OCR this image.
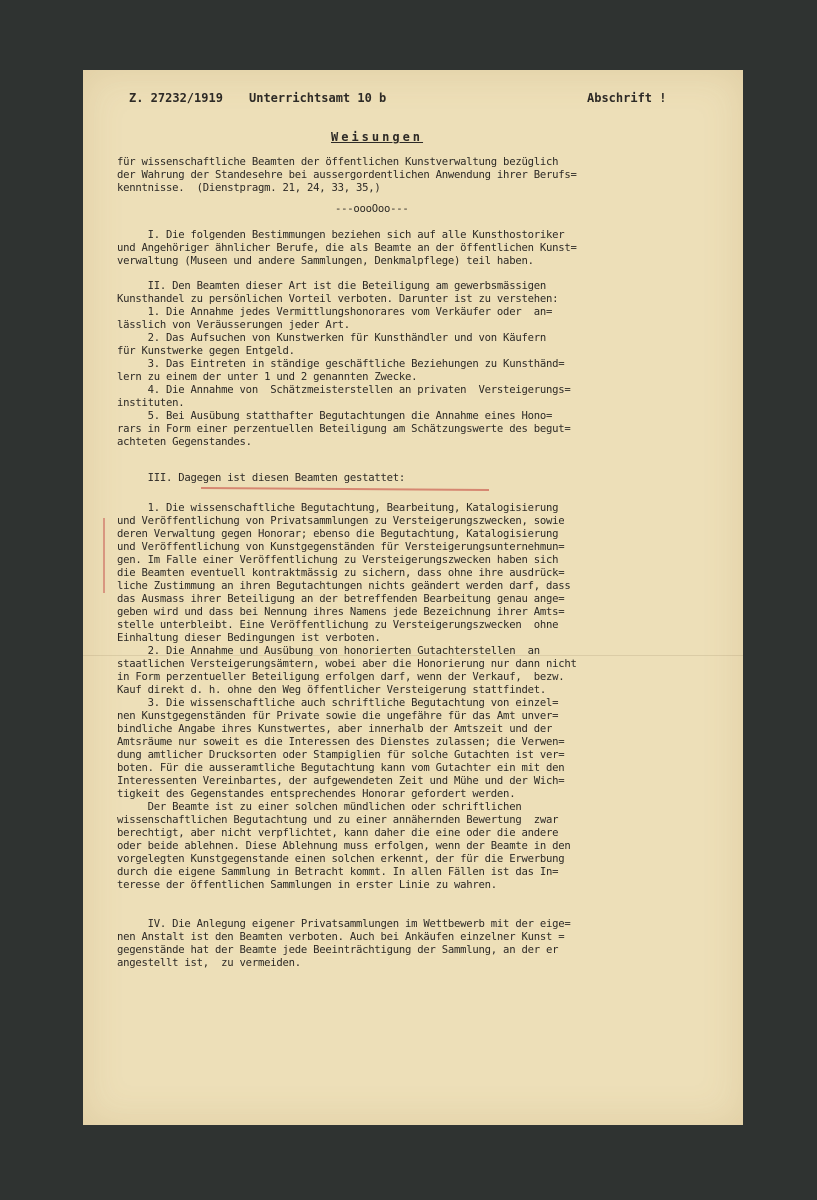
Z. 27232/1919 Unterrichtsamt 10 b	Abschrift !
Weisungen
für wissenschaftliche Beamten der öffentlichen Kunstverwaltung bezüglich
der Wahrung der Standesehre bei aussergordentlichen Anwendung ihrer Berufs=
kenntnisse.  (Dienstpragm. 21, 24, 33, 35,)
---oooOoo---
I. Die folgenden Bestimmungen beziehen sich auf alle Kunsthostoriker
und Angehöriger ähnlicher Berufe, die als Beamte an der öffentlichen Kunst=
verwaltung (Museen und andere Sammlungen, Denkmalpflege) teil haben.
II. Den Beamten dieser Art ist die Beteiligung am gewerbsmässigen
Kunsthandel zu persönlichen Vorteil verboten. Darunter ist zu verstehen:
1. Die Annahme jedes Vermittlungshonorares vom Verkäufer oder  an=
lässlich von Veräusserungen jeder Art.
2. Das Aufsuchen von Kunstwerken für Kunsthändler und von Käufern
für Kunstwerke gegen Entgeld.
3. Das Eintreten in ständige geschäftliche Beziehungen zu Kunsthänd=
lern zu einem der unter 1 und 2 genannten Zwecke.
4. Die Annahme von  Schätzmeisterstellen an privaten  Versteigerungs=
instituten.
5. Bei Ausübung statthafter Begutachtungen die Annahme eines Hono=
rars in Form einer perzentuellen Beteiligung am Schätzungswerte des begut=
achteten Gegenstandes.
III. Dagegen ist diesen Beamten gestattet:
1. Die wissenschaftliche Begutachtung, Bearbeitung, Katalogisierung
und Veröffentlichung von Privatsammlungen zu Versteigerungszwecken, sowie
deren Verwaltung gegen Honorar; ebenso die Begutachtung, Katalogisierung
und Veröffentlichung von Kunstgegenständen für Versteigerungsunternehmun=
gen. Im Falle einer Veröffentlichung zu Versteigerungszwecken haben sich
die Beamten eventuell kontraktmässig zu sichern, dass ohne ihre ausdrück=
liche Zustimmung an ihren Begutachtungen nichts geändert werden darf, dass
das Ausmass ihrer Beteiligung an der betreffenden Bearbeitung genau ange=
geben wird und dass bei Nennung ihres Namens jede Bezeichnung ihrer Amts=
stelle unterbleibt. Eine Veröffentlichung zu Versteigerungszwecken  ohne
Einhaltung dieser Bedingungen ist verboten.
2. Die Annahme und Ausübung von honorierten Gutachterstellen  an
staatlichen Versteigerungsämtern, wobei aber die Honorierung nur dann nicht
in Form perzentueller Beteiligung erfolgen darf, wenn der Verkauf,  bezw.
Kauf direkt d. h. ohne den Weg öffentlicher Versteigerung stattfindet.
3. Die wissenschaftliche auch schriftliche Begutachtung von einzel=
nen Kunstgegenständen für Private sowie die ungefähre für das Amt unver=
bindliche Angabe ihres Kunstwertes, aber innerhalb der Amtszeit und der
Amtsräume nur soweit es die Interessen des Dienstes zulassen; die Verwen=
dung amtlicher Drucksorten oder Stampiglien für solche Gutachten ist ver=
boten. Für die ausseramtliche Begutachtung kann vom Gutachter ein mit den
Interessenten Vereinbartes, der aufgewendeten Zeit und Mühe und der Wich=
tigkeit des Gegenstandes entsprechendes Honorar gefordert werden.
Der Beamte ist zu einer solchen mündlichen oder schriftlichen
wissenschaftlichen Begutachtung und zu einer annähernden Bewertung  zwar
berechtigt, aber nicht verpflichtet, kann daher die eine oder die andere
oder beide ablehnen. Diese Ablehnung muss erfolgen, wenn der Beamte in den
vorgelegten Kunstgegenstande einen solchen erkennt, der für die Erwerbung
durch die eigene Sammlung in Betracht kommt. In allen Fällen ist das In=
teresse der öffentlichen Sammlungen in erster Linie zu wahren.
IV. Die Anlegung eigener Privatsammlungen im Wettbewerb mit der eige=
nen Anstalt ist den Beamten verboten. Auch bei Ankäufen einzelner Kunst =
gegenstände hat der Beamte jede Beeinträchtigung der Sammlung, an der er
angestellt ist,  zu vermeiden.
